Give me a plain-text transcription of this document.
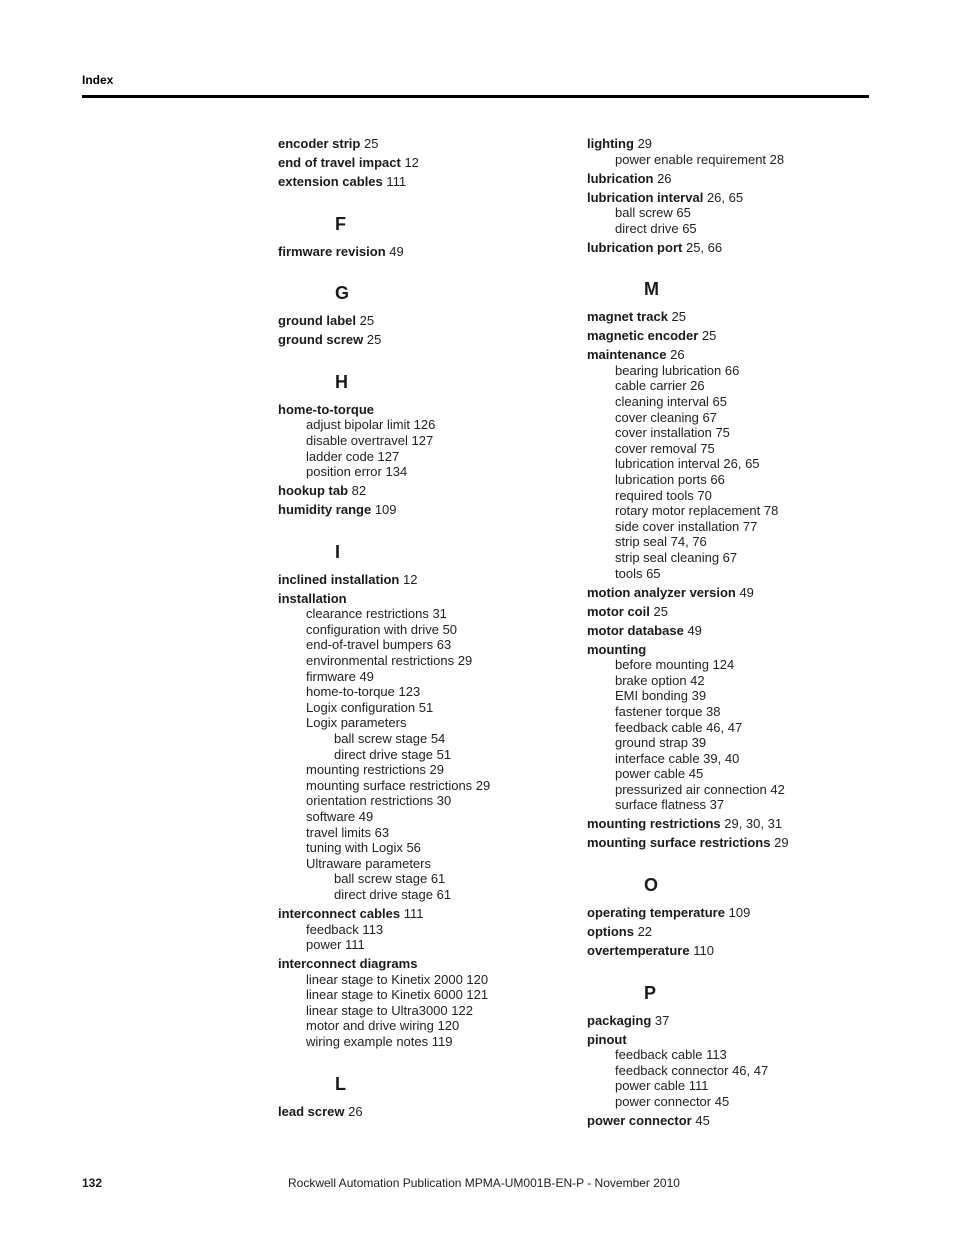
Index
encoder strip 25
end of travel impact 12
extension cables 111
F
firmware revision 49
G
ground label 25
ground screw 25
H
home-to-torque
adjust bipolar limit 126
disable overtravel 127
ladder code 127
position error 134
hookup tab 82
humidity range 109
I
inclined installation 12
installation
clearance restrictions 31
configuration with drive 50
end-of-travel bumpers 63
environmental restrictions 29
firmware 49
home-to-torque 123
Logix configuration 51
Logix parameters
ball screw stage 54
direct drive stage 51
mounting restrictions 29
mounting surface restrictions 29
orientation restrictions 30
software 49
travel limits 63
tuning with Logix 56
Ultraware parameters
ball screw stage 61
direct drive stage 61
interconnect cables 111
feedback 113
power 111
interconnect diagrams
linear stage to Kinetix 2000 120
linear stage to Kinetix 6000 121
linear stage to Ultra3000 122
motor and drive wiring 120
wiring example notes 119
L
lead screw 26
lighting 29
power enable requirement 28
lubrication 26
lubrication interval 26, 65
ball screw 65
direct drive 65
lubrication port 25, 66
M
magnet track 25
magnetic encoder 25
maintenance 26
bearing lubrication 66
cable carrier 26
cleaning interval 65
cover cleaning 67
cover installation 75
cover removal 75
lubrication interval 26, 65
lubrication ports 66
required tools 70
rotary motor replacement 78
side cover installation 77
strip seal 74, 76
strip seal cleaning 67
tools 65
motion analyzer version 49
motor coil 25
motor database 49
mounting
before mounting 124
brake option 42
EMI bonding 39
fastener torque 38
feedback cable 46, 47
ground strap 39
interface cable 39, 40
power cable 45
pressurized air connection 42
surface flatness 37
mounting restrictions 29, 30, 31
mounting surface restrictions 29
O
operating temperature 109
options 22
overtemperature 110
P
packaging 37
pinout
feedback cable 113
feedback connector 46, 47
power cable 111
power connector 45
power connector 45
132	Rockwell Automation Publication MPMA-UM001B-EN-P - November 2010
